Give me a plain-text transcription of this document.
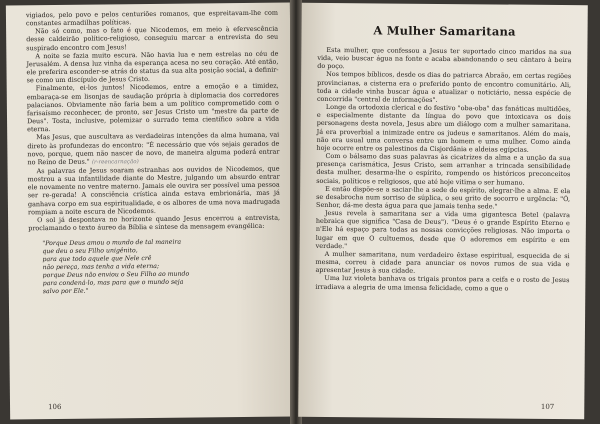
vigiados, pelo povo e pelos centuriões romanos, que espreitavam-lhe com constantes armadilhas políticas.

Não só como, mas o fato é que Nicodemos, em meio à efervescência desse caldeirão político-religioso, conseguiu marcar a entrevista do seu suspirado encontro com Jesus!

A noite se fazia muito escura. Não havia lua e nem estrelas no céu de Jerusalém. A densa luz vinha da esperança acesa no seu coração. Até então, ele preferira esconder-se atrás do status da sua alta posição social, a definir-se como um discípulo de Jesus Cristo.

Finalmente, ei-los juntos! Nicodemos, entre a emoção e a timidez, embaraça-se em lisonjas de saudação própria à diplomacia dos corredores palacianos. Obviamente não faria bem a um político comprometido com o farisaísmo reconhecer, de pronto, ser Jesus Cristo um "mestre da parte de Deus". Tosta, inclusive, polemizar o surrado tema científico sobre a vida eterna.

Mas Jesus, que auscultava as verdadeiras intenções da alma humana, vai direto às profundezas do encontro: "É necessário que vós sejais gerados de novo, porque, quem não nascer de novo, de maneira alguma poderá entrar no Reino de Deus." (r-reencarnação)

As palavras de Jesus soaram estranhas aos ouvidos de Nicodemos, que mostrou a sua infantilidade diante do Mestre, julgando um absurdo entrar ele novamente no ventre materno. Jamais ele ouvira ser possível uma pessoa ser re-gerada! A consciência crística ainda estava embrionária, mas já ganhava corpo em sua espiritualidade, e os albores de uma nova madrugada rompiam a noite escura de Nicodemos.

O sol já despontava no horizonte quando Jesus encerrou a entrevista, proclamando o texto áureo da Bíblia e síntese da mensagem evangélica:

"Porque Deus amou o mundo de tal maneira
que deu o seu Filho unigênito,
para que todo aquele que Nele crê
não pereça, mas tenha a vida eterna;
porque Deus não enviou o Seu Filho ao mundo
para condená-lo, mas para que o mundo seja
salvo por Ele."
106
A Mulher Samaritana

Esta mulher, que confessou a Jesus ter suportado cinco maridos na sua vida, veio buscar água na fonte e acaba abandonando o seu cântaro à beira do poço.

Nos tempos bíblicos, desde os dias do patriarca Abraão, em certas regiões provincianas, a cisterna era o preferido ponto de encontro comunitário. Ali, toda a cidade vinha buscar água e atualizar o noticiário, nessa espécie de concorrida "central de informações".

Longe da ortodoxia clerical e do festivo "oba-oba" das fanáticas multidões, e especialmente distante da língua do povo que intoxicava os dois personagens desta novela, Jesus abre um diálogo com a mulher samaritana. Já era proverbial a inimizade entre os judeus e samaritanos. Além do mais, não era usual uma conversa entre um homem e uma mulher. Como ainda hoje ocorre entre os palestinos da Cisjordânia e aldeias egípcias.

Com o bálsamo das suas palavras às cicatrizes da alma e a unção da sua presença carismática, Jesus Cristo, sem arranhar a trincada sensibilidade desta mulher, desarma-lhe o espírito, rompendo os históricos preconceitos sociais, políticos e religiosos, que até hoje vitima o ser humano.

E então dispõe-se a saciar-lhe a sede do espírito, alegrar-lhe a alma. E ela se desabrocha num sorriso de súplica, o seu grito de socorro e urgência: "Ó, Senhor, dá-me desta água para que jamais tenha sede."

Jesus revela à samaritana ser a vida uma gigantesca Betel (palavra hebraica que significa "Casa de Deus"). "Deus é o grande Espírito Eterno e n'Ele há espaço para todas as nossas convicções religiosas. Não importa o lugar em que O cultuemos, desde que O adoremos em espírito e em verdade."

A mulher samaritana, num verdadeiro êxtase espiritual, esquecida de si mesma, correu à cidade para anunciar os novos rumos de sua vida e apresentar Jesus à sua cidade.

Uma luz violeta banhava os trigais prontos para a ceifa e o rosto de Jesus irradiava a alegria de uma imensa felicidade, como a que o

107
